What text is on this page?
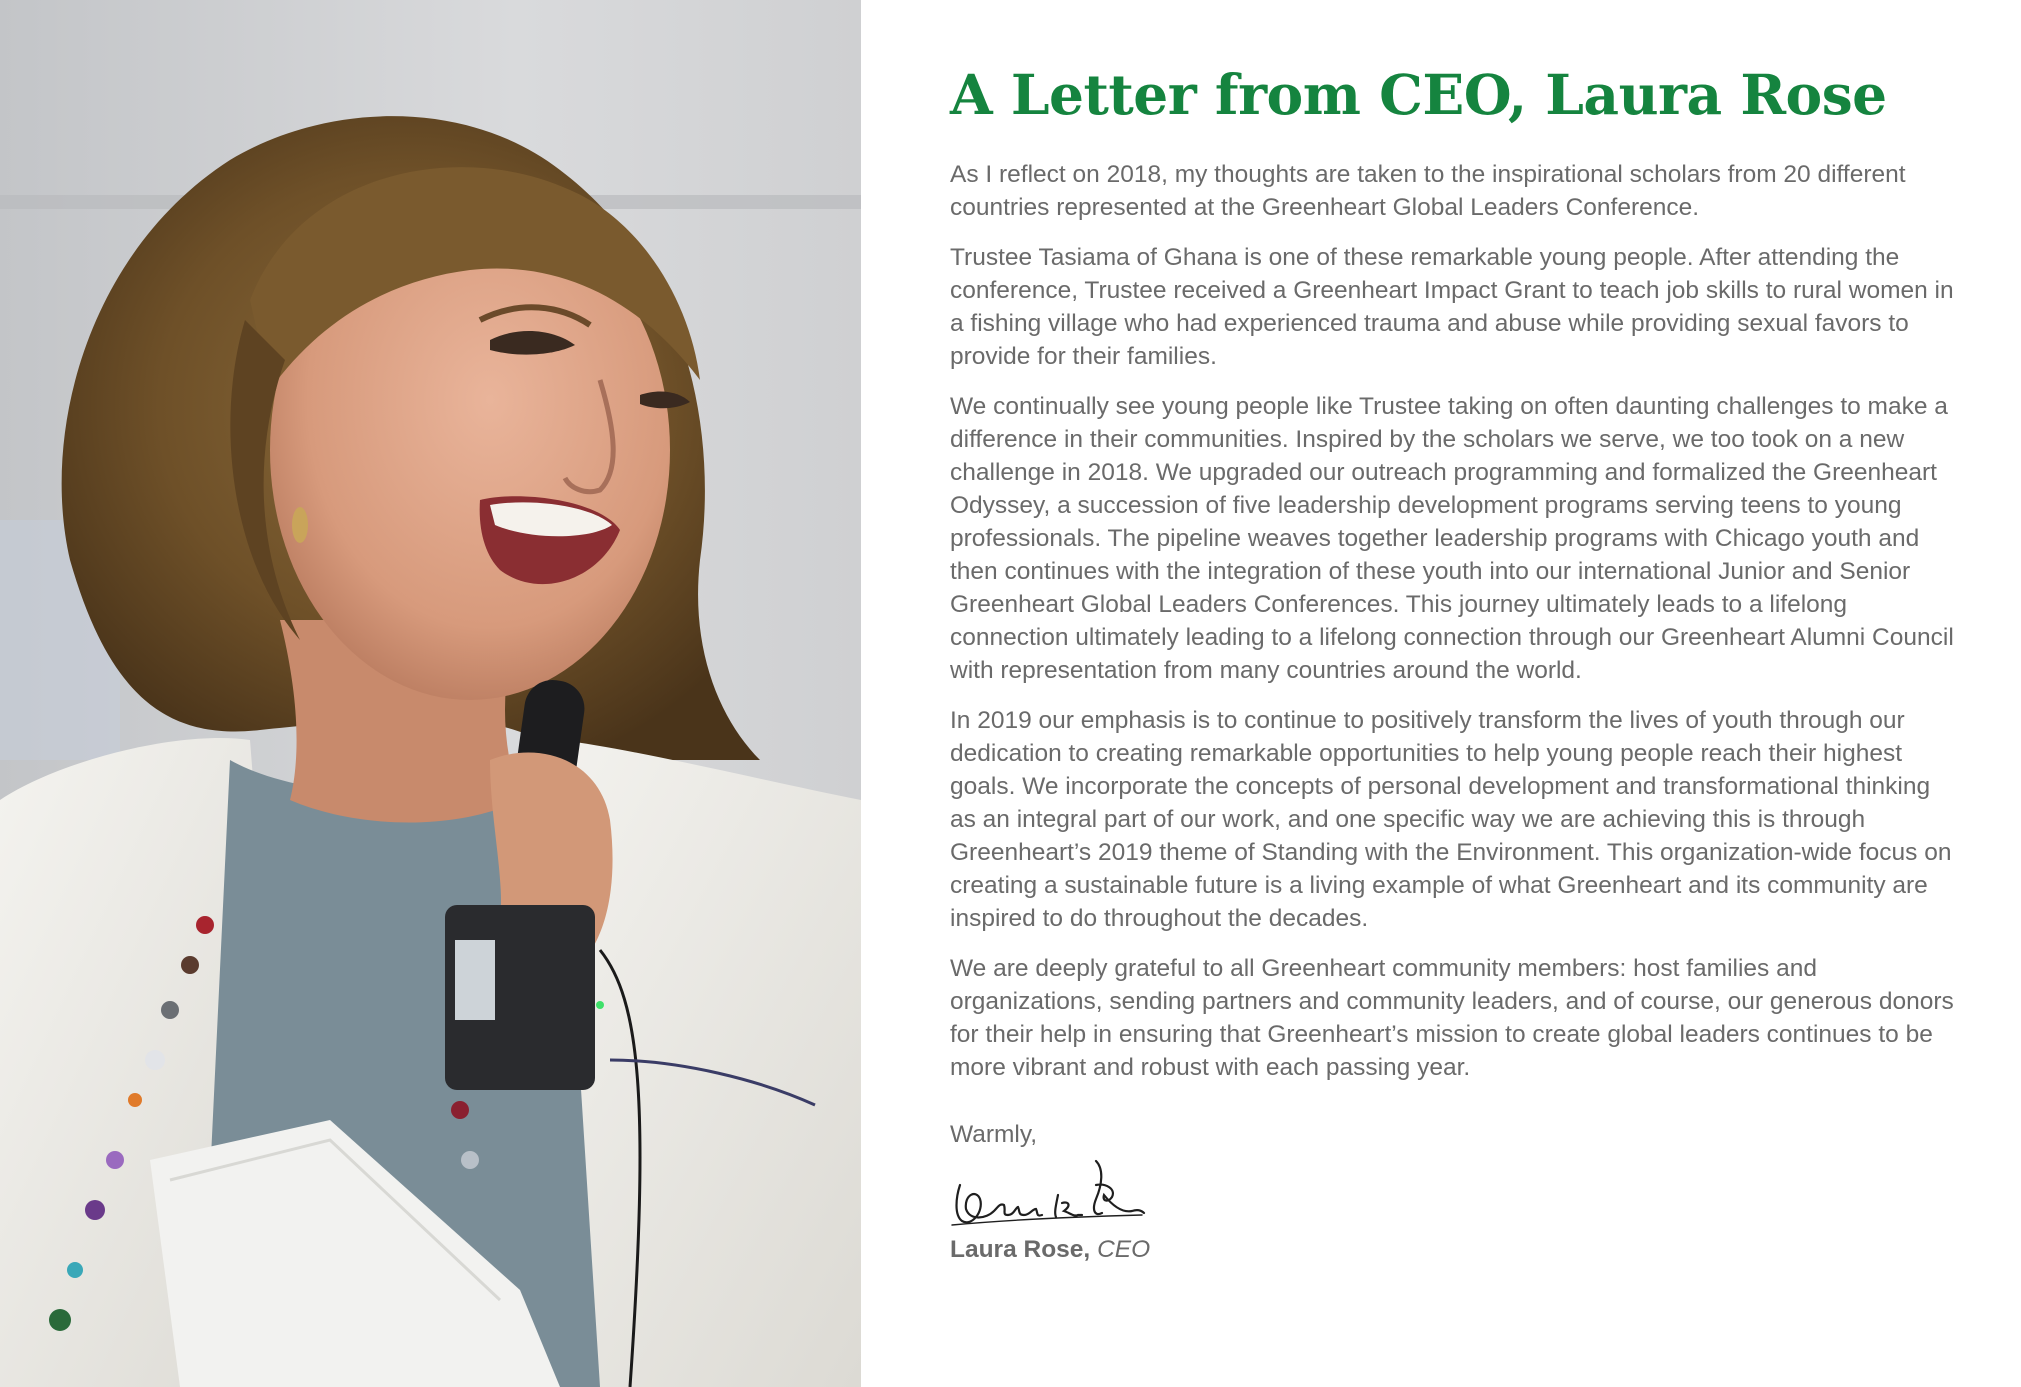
A Letter from CEO, Laura Rose

As I reflect on 2018, my thoughts are taken to the inspirational scholars from 20 different countries represented at the Greenheart Global Leaders Conference.

Trustee Tasiama of Ghana is one of these remarkable young people. After attending the conference, Trustee received a Greenheart Impact Grant to teach job skills to rural women in a fishing village who had experienced trauma and abuse while providing sexual favors to provide for their families.

We continually see young people like Trustee taking on often daunting challenges to make a difference in their communities. Inspired by the scholars we serve, we too took on a new challenge in 2018. We upgraded our outreach programming and formalized the Greenheart Odyssey, a succession of five leadership development programs serving teens to young professionals. The pipeline weaves together leadership programs with Chicago youth and then continues with the integration of these youth into our international Junior and Senior Greenheart Global Leaders Conferences. This journey ultimately leads to a lifelong connection ultimately leading to a lifelong connection through our Greenheart Alumni Council with representation from many countries around the world.

In 2019 our emphasis is to continue to positively transform the lives of youth through our dedication to creating remarkable opportunities to help young people reach their highest goals. We incorporate the concepts of personal development and transformational thinking as an integral part of our work, and one specific way we are achieving this is through Greenheart’s 2019 theme of Standing with the Environment. This organization-wide focus on creating a sustainable future is a living example of what Greenheart and its community are inspired to do throughout the decades.

We are deeply grateful to all Greenheart community members: host families and organizations, sending partners and community leaders, and of course, our generous donors for their help in ensuring that Greenheart’s mission to create global leaders continues to be more vibrant and robust with each passing year.

Warmly,
Laura Rose, CEO
